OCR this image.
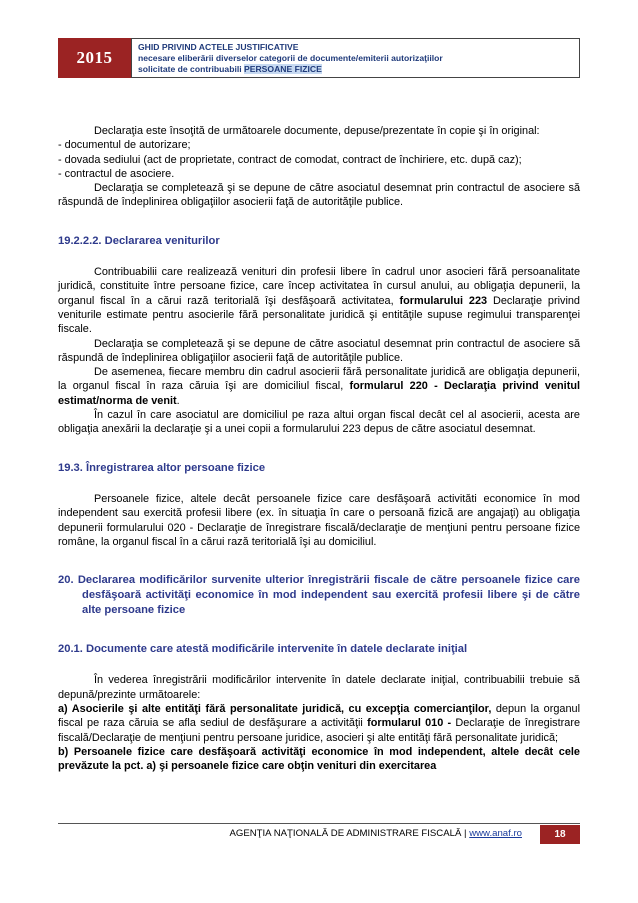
2015
GHID PRIVIND ACTELE JUSTIFICATIVE
necesare eliberării diverselor categorii de documente/emiterii autorizaţiilor
solicitate de contribuabili PERSOANE FIZICE

Declaraţia este însoţită de următoarele documente, depuse/prezentate în copie şi în original:

- documentul de autorizare;

- dovada sediului (act de proprietate, contract de comodat, contract de închiriere, etc. după caz);

- contractul de asociere.

Declaraţia se completează şi se depune de către asociatul desemnat prin contractul de asociere să răspundă de îndeplinirea obligaţiilor asocierii faţă de autorităţile publice.

19.2.2.2. Declararea veniturilor

Contribuabilii care realizează venituri din profesii libere în cadrul unor asocieri fără persoanalitate juridică, constituite între persoane fizice, care încep activitatea în cursul anului, au obligaţia depunerii, la organul fiscal în a cărui rază teritorială îşi desfăşoară activitatea, formularului 223 Declaraţie privind veniturile estimate pentru asocierile fără personalitate juridică şi entităţile supuse regimului transparenţei fiscale.

Declaraţia se completează şi se depune de către asociatul desemnat prin contractul de asociere să răspundă de îndeplinirea obligaţiilor asocierii faţă de autorităţile publice.

De asemenea, fiecare membru din cadrul asocierii fără personalitate juridică are obligaţia depunerii, la organul fiscal în raza căruia îşi are domiciliul fiscal, formularul 220 - Declaraţia privind venitul estimat/norma de venit.

În cazul în care asociatul are domiciliul pe raza altui organ fiscal decât cel al asocierii, acesta are obligaţia anexării la declaraţie şi a unei copii a formularului 223 depus de către asociatul desemnat.

19.3. Înregistrarea altor persoane fizice

Persoanele fizice, altele decât persoanele fizice care desfăşoară activităti economice în mod independent sau exercită profesii libere (ex. în situaţia în care o persoană fizică are angajaţi) au obligaţia depunerii formularului 020 - Declaraţie de înregistrare fiscală/declaraţie de menţiuni pentru persoane fizice române, la organul fiscal în a cărui rază teritorială îşi au domiciliul.

20. Declararea modificărilor survenite ulterior înregistrării fiscale de către persoanele fizice care desfăşoară activităţi economice în mod independent sau exercită profesii libere şi de către alte persoane fizice

20.1. Documente care atestă modificările intervenite în datele declarate iniţial

În vederea înregistrării modificărilor intervenite în datele declarate iniţial, contribuabilii trebuie să depună/prezinte următoarele:

a) Asocierile şi alte entităţi fără personalitate juridică, cu excepţia comercianţilor, depun la organul fiscal pe raza căruia se afla sediul de desfăşurare a activităţii formularul 010 - Declaraţie de înregistrare fiscală/Declaraţie de menţiuni pentru persoane juridice, asocieri şi alte entităţi fără personalitate juridică;

b) Persoanele fizice care desfăşoară activităţi economice în mod independent, altele decât cele prevăzute la pct. a) şi persoanele fizice care obţin venituri din exercitarea

AGENŢIA NAŢIONALĂ DE ADMINISTRARE FISCALĂ | www.anaf.ro	18
